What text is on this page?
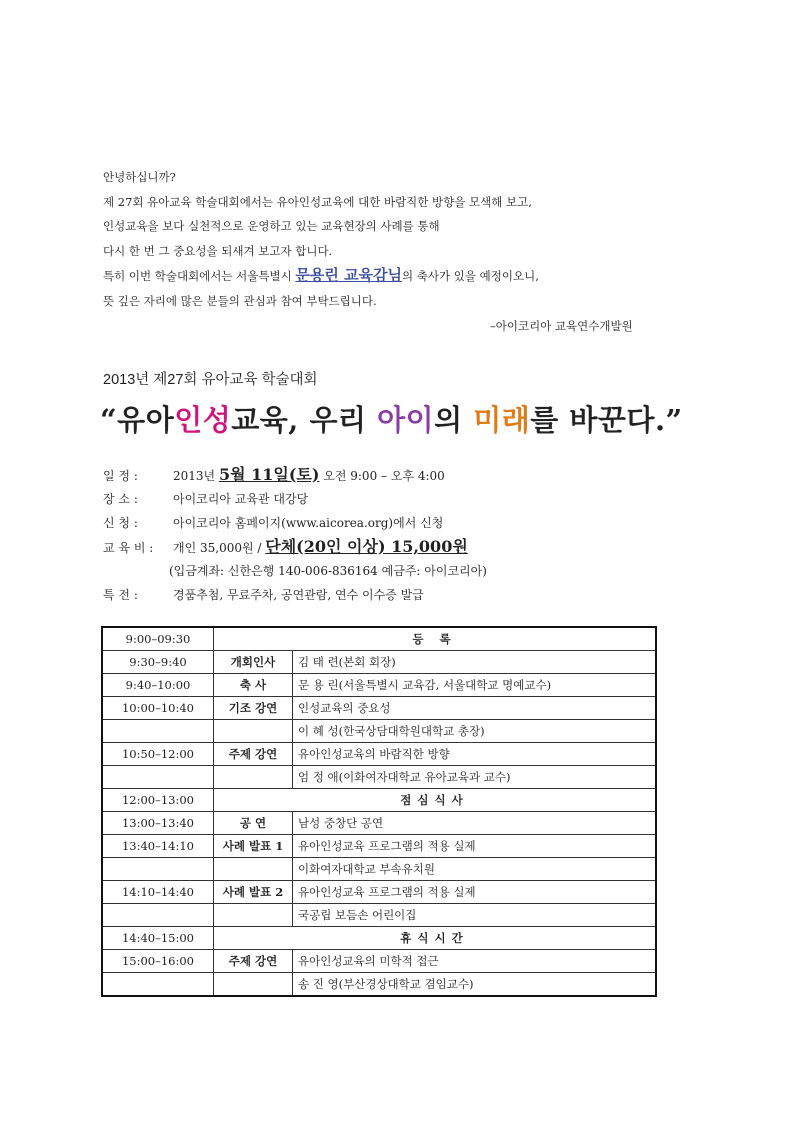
안녕하십니까?

제 27회 유아교육 학술대회에서는 유아인성교육에 대한 바람직한 방향을 모색해 보고,

인성교육을 보다 실천적으로 운영하고 있는 교육현장의 사례를 통해

다시 한 번 그 중요성을 되새겨 보고자 합니다.

특히 이번 학술대회에서는 서울특별시 문용린 교육감님의 축사가 있을 예정이오니,

뜻 깊은 자리에 많은 분들의 관심과 참여 부탁드립니다.

–아이코리아 교육연수개발원
2013년 제27회 유아교육 학술대회
“유아인성교육, 우리 아이의 미래를 바꾼다.”
일 정 :	2013년 5월 11일(토) 오전 9:00 – 오후 4:00
장 소 :	아이코리아 교육관 대강당
신 청 :	아이코리아 홈페이지(www.aicorea.org)에서 신청
교 육 비 : 개인 35,000원 / 단체(20인 이상) 15,000원
(입금계좌: 신한은행 140-006-836164 예금주: 아이코리아)
특 전 :	경품추첨, 무료주차, 공연관람, 연수 이수증 발급
9:00–09:30	등 록	
9:30–9:40	개회인사	김 태 련(본회 회장)
9:40–10:00	축 사	문 용 린(서울특별시 교육감, 서울대학교 명예교수)
10:00–10:40	기조 강연	인성교육의 중요성
		이 혜 성(한국상담대학원대학교 총장)
10:50–12:00	주제 강연	유아인성교육의 바람직한 방향
		엄 정 애(이화여자대학교 유아교육과 교수)
12:00–13:00	점심식사	
13:00–13:40	공 연	남성 중창단 공연
13:40–14:10	사례 발표 1	유아인성교육 프로그램의 적용 실제
		이화여자대학교 부속유치원
14:10–14:40	사례 발표 2	유아인성교육 프로그램의 적용 실제
		국공립 보듬손 어린이집
14:40–15:00	휴식시간	
15:00–16:00	주제 강연	유아인성교육의 미학적 접근
		송 진 영(부산경상대학교 겸임교수)
